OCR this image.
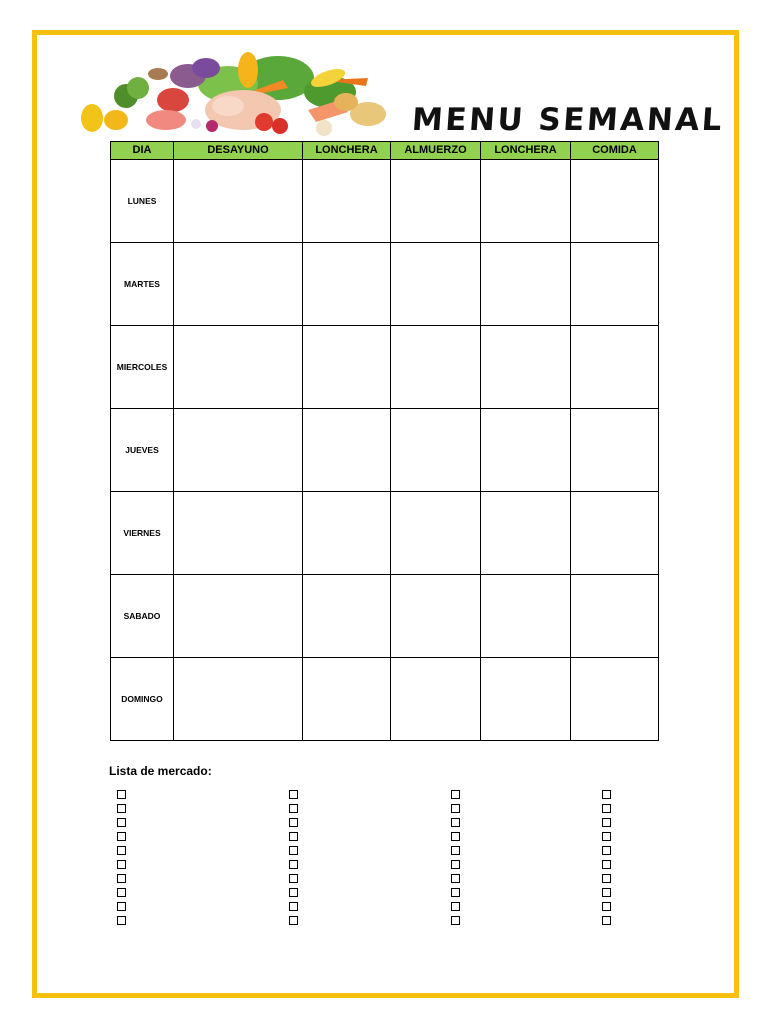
MENU SEMANAL
DIA	DESAYUNO	LONCHERA	ALMUERZO	LONCHERA	COMIDA
LUNES					
MARTES					
MIERCOLES					
JUEVES					
VIERNES					
SABADO					
DOMINGO					
Lista de mercado:
